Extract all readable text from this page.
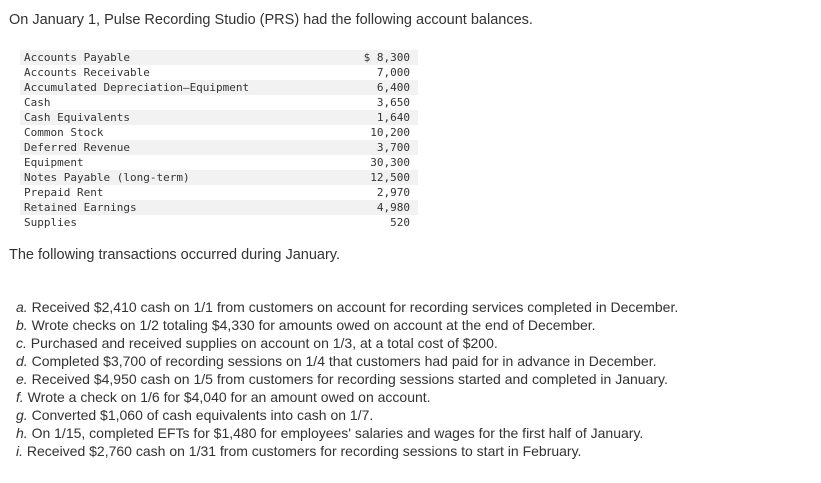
On January 1, Pulse Recording Studio (PRS) had the following account balances.
Accounts Payable	$ 8,300
Accounts Receivable	7,000
Accumulated Depreciation—Equipment	6,400
Cash	3,650
Cash Equivalents	1,640
Common Stock	10,200
Deferred Revenue	3,700
Equipment	30,300
Notes Payable (long-term)	12,500
Prepaid Rent	2,970
Retained Earnings	4,980
Supplies	520
The following transactions occurred during January.
a. Received $2,410 cash on 1/1 from customers on account for recording services completed in December.
b. Wrote checks on 1/2 totaling $4,330 for amounts owed on account at the end of December.
c. Purchased and received supplies on account on 1/3, at a total cost of $200.
d. Completed $3,700 of recording sessions on 1/4 that customers had paid for in advance in December.
e. Received $4,950 cash on 1/5 from customers for recording sessions started and completed in January.
f. Wrote a check on 1/6 for $4,040 for an amount owed on account.
g. Converted $1,060 of cash equivalents into cash on 1/7.
h. On 1/15, completed EFTs for $1,480 for employees' salaries and wages for the first half of January.
i. Received $2,760 cash on 1/31 from customers for recording sessions to start in February.
